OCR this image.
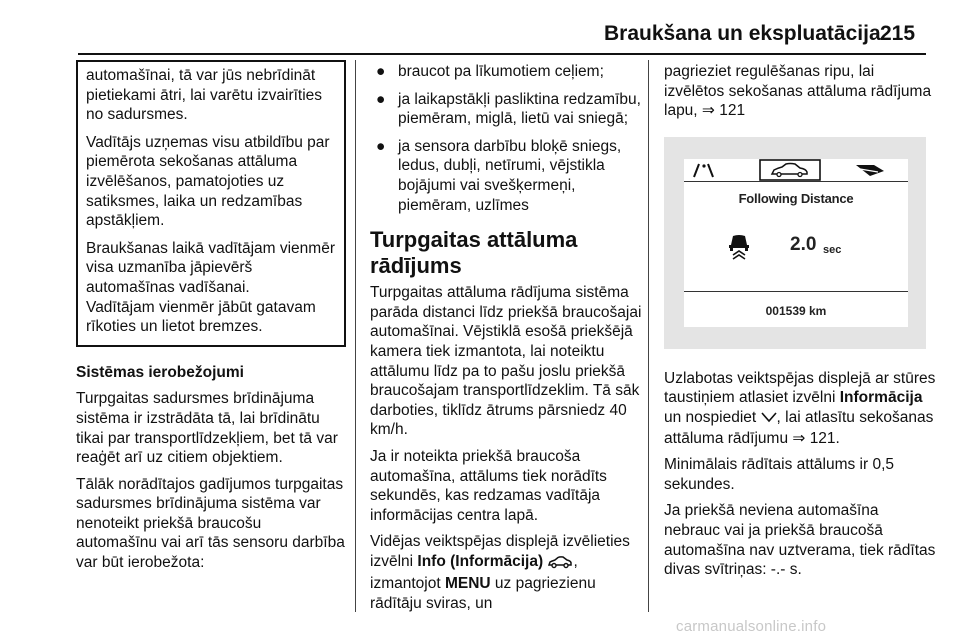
Braukšana un ekspluatācija 215

automašīnai, tā var jūs nebrīdināt pietiekami ātri, lai varētu izvairīties no sadursmes.

Vadītājs uzņemas visu atbildību par piemērota sekošanas attāluma izvēlēšanos, pamatojoties uz satiksmes, laika un redzamības apstākļiem.

Braukšanas laikā vadītājam vienmēr visa uzmanība jāpievērš automašīnas vadīšanai.

Vadītājam vienmēr jābūt gatavam rīkoties un lietot bremzes.

Sistēmas ierobežojumi

Turpgaitas sadursmes brīdinājuma sistēma ir izstrādāta tā, lai brīdinātu tikai par transportlīdzekļiem, bet tā var reaģēt arī uz citiem objektiem.

Tālāk norādītajos gadījumos turpgaitas sadursmes brīdinājuma sistēma var nenoteikt priekšā braucošu automašīnu vai arī tās sensoru darbība var būt ierobežota:

● braucot pa līkumotiem ceļiem;
● ja laikapstākļi pasliktina redzamību, piemēram, miglā, lietū vai sniegā;
● ja sensora darbību bloķē sniegs, ledus, dubļi, netīrumi, vējstikla bojājumi vai svešķermeņi, piemēram, uzlīmes
Turpgaitas attāluma rādījums

Turpgaitas attāluma rādījuma sistēma parāda distanci līdz priekšā braucošajai automašīnai. Vējstiklā esošā priekšējā kamera tiek izmantota, lai noteiktu attālumu līdz pa to pašu joslu priekšā braucošajam transportlīdzeklim. Tā sāk darboties, tiklīdz ātrums pārsniedz 40 km/h.

Ja ir noteikta priekšā braucoša automašīna, attālums tiek norādīts sekundēs, kas redzamas vadītāja informācijas centra lapā.

Vidējas veiktspējas displejā izvēlieties izvēlni Info (Informācija) , izmantojot MENU uz pagriezienu rādītāju sviras, un

pagrieziet regulēšanas ripu, lai izvēlētos sekošanas attāluma rādījuma lapu, ⇒ 121

Following Distance
2.0 sec
001539 km

Uzlabotas veiktspējas displejā ar stūres taustiņiem atlasiet izvēlni Informācija un nospiediet , lai atlasītu sekošanas attāluma rādījumu ⇒ 121.

Minimālais rādītais attālums ir 0,5 sekundes.

Ja priekšā neviena automašīna nebrauc vai ja priekšā braucošā automašīna nav uztverama, tiek rādītas divas svītriņas: -.- s.

carmanualsonline.info
